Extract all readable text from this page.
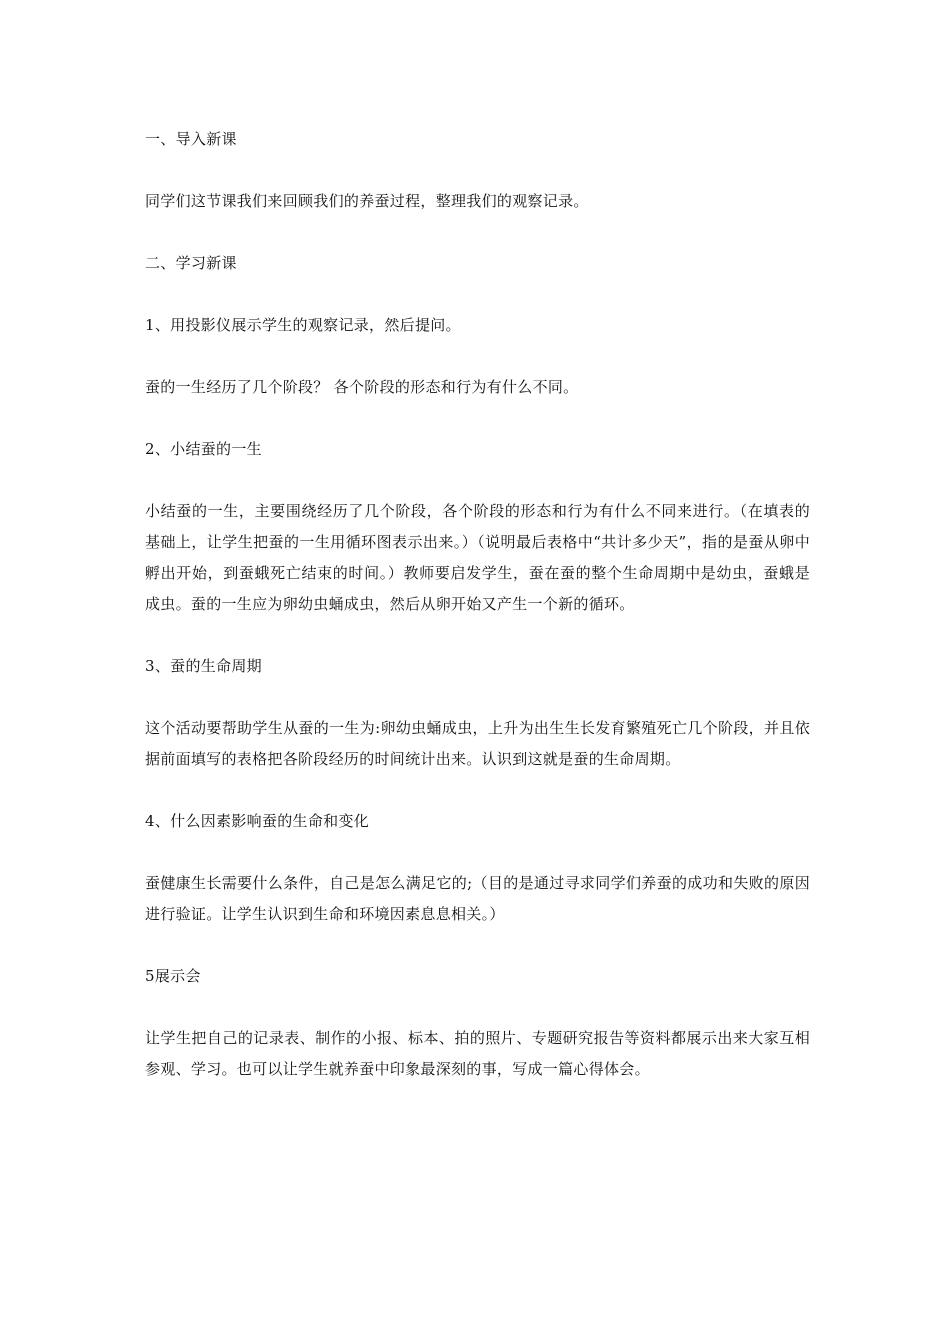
一、导入新课

同学们这节课我们来回顾我们的养蚕过程，整理我们的观察记录。

二、学习新课

1、用投影仪展示学生的观察记录，然后提问。

蚕的一生经历了几个阶段？ 各个阶段的形态和行为有什么不同。

2、小结蚕的一生

小结蚕的一生，主要围绕经历了几个阶段，各个阶段的形态和行为有什么不同来进行。（在填表的基础上，让学生把蚕的一生用循环图表示出来。）（说明最后表格中“共计多少天”，指的是蚕从卵中孵出开始，到蚕蛾死亡结束的时间。）教师要启发学生，蚕在蚕的整个生命周期中是幼虫，蚕蛾是成虫。蚕的一生应为卵幼虫蛹成虫，然后从卵开始又产生一个新的循环。

3、蚕的生命周期

这个活动要帮助学生从蚕的一生为:卵幼虫蛹成虫，上升为出生生长发育繁殖死亡几个阶段，并且依据前面填写的表格把各阶段经历的时间统计出来。认识到这就是蚕的生命周期。

4、什么因素影响蚕的生命和变化

蚕健康生长需要什么条件，自己是怎么满足它的;（目的是通过寻求同学们养蚕的成功和失败的原因进行验证。让学生认识到生命和环境因素息息相关。）

5展示会

让学生把自己的记录表、制作的小报、标本、拍的照片、专题研究报告等资料都展示出来大家互相参观、学习。也可以让学生就养蚕中印象最深刻的事，写成一篇心得体会。
